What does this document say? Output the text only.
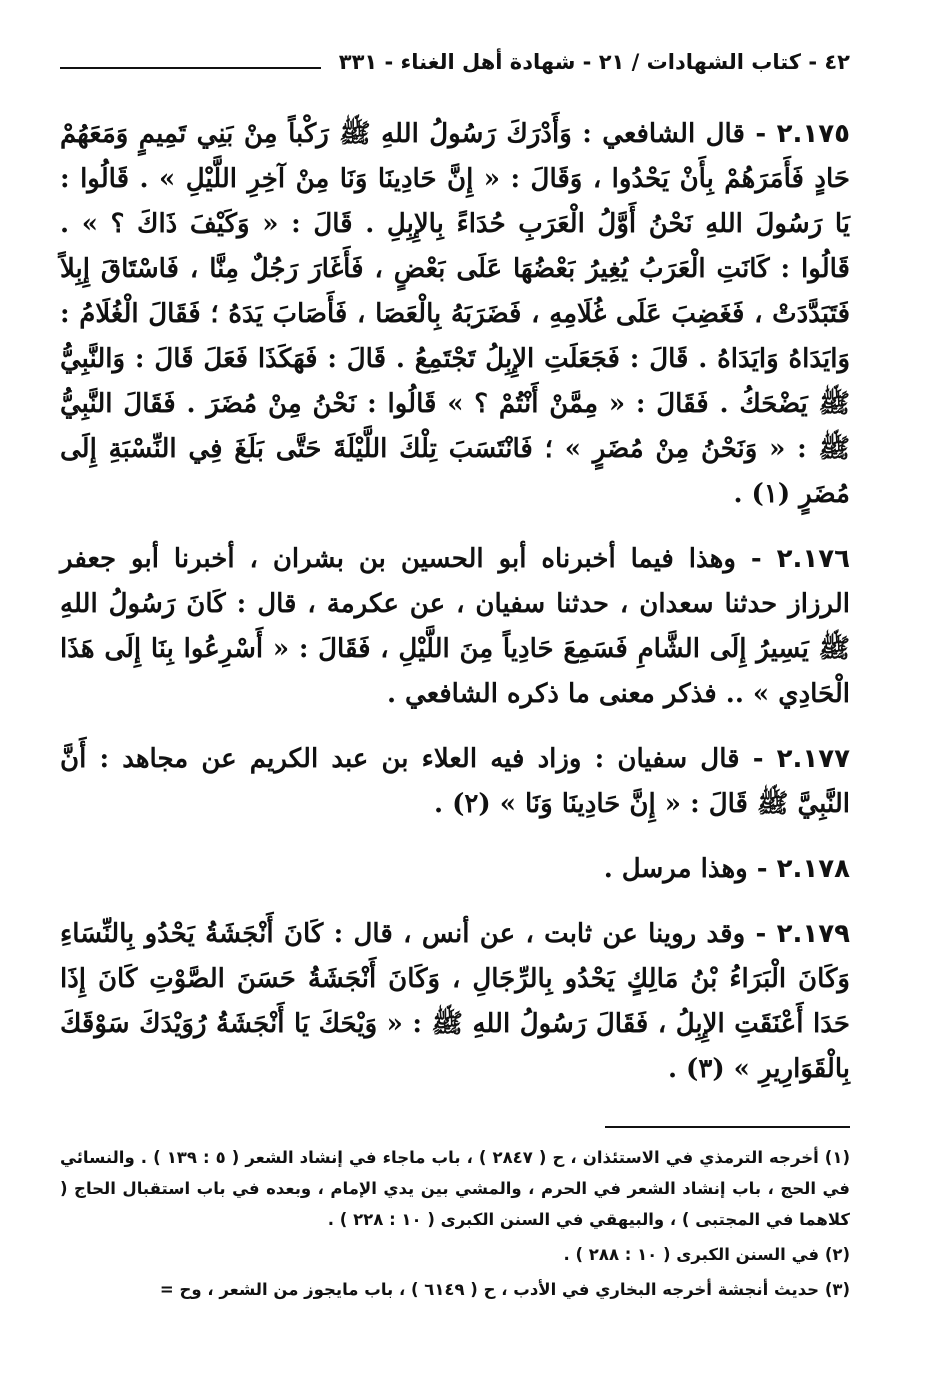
٤٢ - كتاب الشهادات / ٢١ - شهادة أهل الغناء - ٣٣١

٢.١٧٥ - قال الشافعي : وَأَدْرَكَ رَسُولُ اللهِ ﷺ رَكْباً مِنْ بَنِي تَمِيمٍ وَمَعَهُمْ حَادٍ فَأَمَرَهُمْ بِأَنْ يَحْدُوا ، وَقَالَ : « إِنَّ حَادِينَا وَنَا مِنْ آخِرِ اللَّيْلِ » . قَالُوا : يَا رَسُولَ اللهِ نَحْنُ أَوَّلُ الْعَرَبِ حُدَاءً بِالإِبِلِ . قَالَ : « وَكَيْفَ ذَاكَ ؟ » . قَالُوا : كَانَتِ الْعَرَبُ يُغِيرُ بَعْضُهَا عَلَى بَعْضٍ ، فَأَغَارَ رَجُلٌ مِنَّا ، فَاسْتَاقَ إِبِلاً فَتَبَدَّدَتْ ، فَغَضِبَ عَلَى غُلَامِهِ ، فَضَرَبَهُ بِالْعَصَا ، فَأَصَابَ يَدَهُ ؛ فَقَالَ الْغُلَامُ : وَايَدَاهُ وَايَدَاهُ . قَالَ : فَجَعَلَتِ الإِبِلُ تَجْتَمِعُ . قَالَ : فَهَكَذَا فَعَلَ قَالَ : وَالنَّبِيُّ ﷺ يَضْحَكُ . فَقَالَ : « مِمَّنْ أَنْتُمْ ؟ » قَالُوا : نَحْنُ مِنْ مُضَرَ . فَقَالَ النَّبِيُّ ﷺ : « وَنَحْنُ مِنْ مُضَرٍ » ؛ فَانْتَسَبَ تِلْكَ اللَّيْلَةَ حَتَّى بَلَغَ فِي النِّسْبَةِ إِلَى مُضَرٍ (١) .

٢.١٧٦ - وهذا فيما أخبرناه أبو الحسين بن بشران ، أخبرنا أبو جعفر الرزاز حدثنا سعدان ، حدثنا سفيان ، عن عكرمة ، قال : كَانَ رَسُولُ اللهِ ﷺ يَسِيرُ إِلَى الشَّامِ فَسَمِعَ حَادِياً مِنَ اللَّيْلِ ، فَقَالَ : « أَسْرِعُوا بِنَا إِلَى هَذَا الْحَادِي » .. فذكر معنى ما ذكره الشافعي .

٢.١٧٧ - قال سفيان : وزاد فيه العلاء بن عبد الكريم عن مجاهد : أَنَّ النَّبِيَّ ﷺ قَالَ : « إِنَّ حَادِينَا وَنَا » (٢) .

٢.١٧٨ - وهذا مرسل .

٢.١٧٩ - وقد روينا عن ثابت ، عن أنس ، قال : كَانَ أَنْجَشَةُ يَحْدُو بِالنِّسَاءِ وَكَانَ الْبَرَاءُ بْنُ مَالِكٍ يَحْدُو بِالرِّجَالِ ، وَكَانَ أَنْجَشَةُ حَسَنَ الصَّوْتِ كَانَ إِذَا حَدَا أَعْنَقَتِ الإِبِلُ ، فَقَالَ رَسُولُ اللهِ ﷺ : « وَيْحَكَ يَا أَنْجَشَةُ رُوَيْدَكَ سَوْقَكَ بِالْقَوَارِيرِ » (٣) .

(١) أخرجه الترمذي في الاستئذان ، ح ( ٢٨٤٧ ) ، باب ماجاء في إنشاد الشعر ( ٥ : ١٣٩ ) . والنسائي في الحج ، باب إنشاد الشعر في الحرم ، والمشي بين يدي الإمام ، وبعده في باب استقبال الحاج ( كلاهما في المجتبى ) ، والبيهقي في السنن الكبرى ( ١٠ : ٢٢٨ ) .

(٢) في السنن الكبرى ( ١٠ : ٢٨٨ ) .

(٣) حديث أنجشة أخرجه البخاري في الأدب ، ح ( ٦١٤٩ ) ، باب مايجوز من الشعر ، وح =
